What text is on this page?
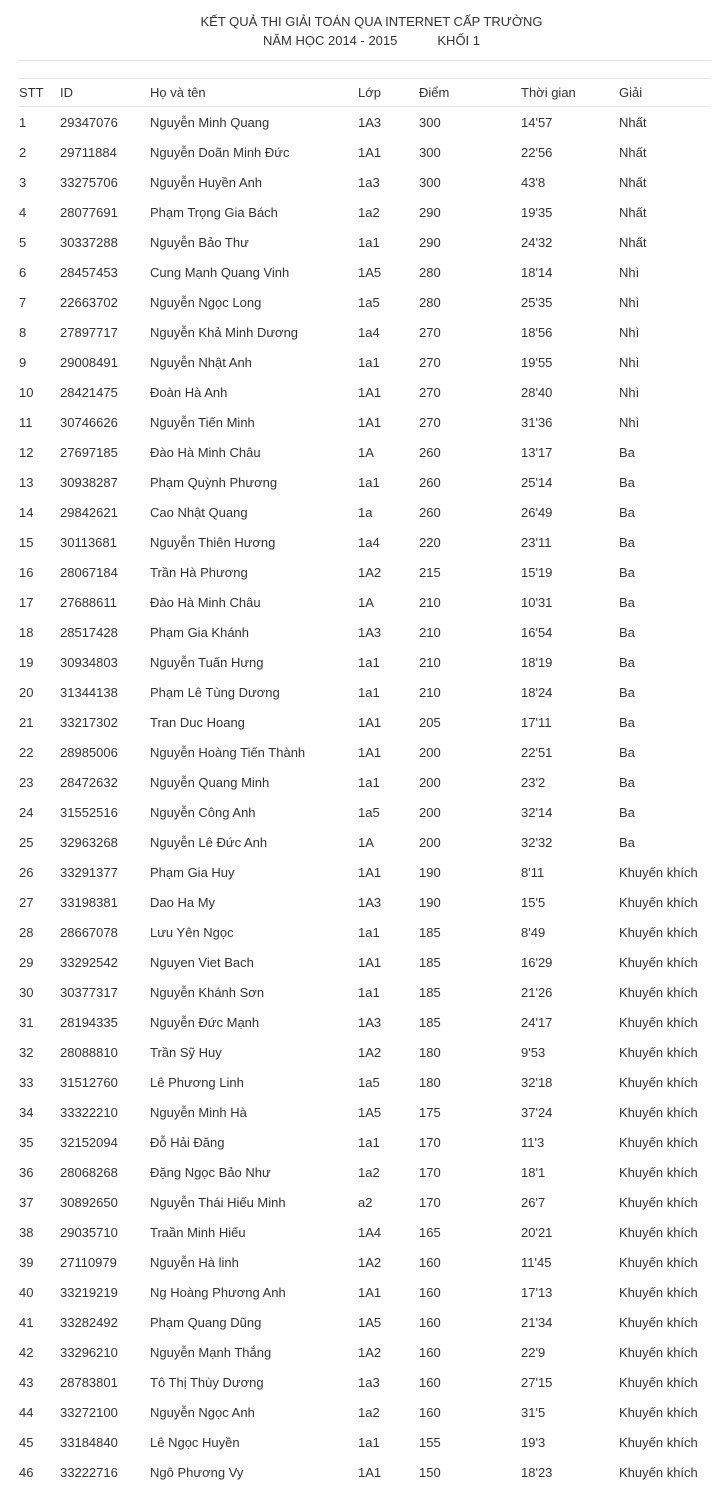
KẾT QUẢ THI GIẢI TOÁN QUA INTERNET CẤP TRƯỜNG
NĂM HỌC 2014 - 2015	KHỐI 1
STT	ID	Họ và tên	Lớp	Điểm	Thời gian	Giải
1	29347076	Nguyễn Minh Quang	1A3	300	14'57	Nhất
2	29711884	Nguyễn Doãn Minh Đức	1A1	300	22'56	Nhất
3	33275706	Nguyễn Huyền Anh	1a3	300	43'8	Nhất
4	28077691	Phạm Trọng Gia Bách	1a2	290	19'35	Nhất
5	30337288	Nguyễn Bảo Thư	1a1	290	24'32	Nhất
6	28457453	Cung Mạnh Quang Vinh	1A5	280	18'14	Nhì
7	22663702	Nguyễn Ngọc Long	1a5	280	25'35	Nhì
8	27897717	Nguyễn Khả Minh Dương	1a4	270	18'56	Nhì
9	29008491	Nguyễn Nhật Anh	1a1	270	19'55	Nhì
10	28421475	Đoàn Hà Anh	1A1	270	28'40	Nhì
11	30746626	Nguyễn Tiến Minh	1A1	270	31'36	Nhì
12	27697185	Đào Hà Minh Châu	1A	260	13'17	Ba
13	30938287	Phạm Quỳnh Phương	1a1	260	25'14	Ba
14	29842621	Cao Nhật Quang	1a	260	26'49	Ba
15	30113681	Nguyễn Thiên Hương	1a4	220	23'11	Ba
16	28067184	Trần Hà Phương	1A2	215	15'19	Ba
17	27688611	Đào Hà Minh Châu	1A	210	10'31	Ba
18	28517428	Phạm Gia Khánh	1A3	210	16'54	Ba
19	30934803	Nguyễn Tuấn Hưng	1a1	210	18'19	Ba
20	31344138	Phạm Lê Tùng Dương	1a1	210	18'24	Ba
21	33217302	Tran Duc Hoang	1A1	205	17'11	Ba
22	28985006	Nguyễn Hoàng Tiến Thành	1A1	200	22'51	Ba
23	28472632	Nguyễn Quang Minh	1a1	200	23'2	Ba
24	31552516	Nguyễn Công Anh	1a5	200	32'14	Ba
25	32963268	Nguyễn Lê Đức Anh	1A	200	32'32	Ba
26	33291377	Phạm Gia Huy	1A1	190	8'11	Khuyến khích
27	33198381	Dao Ha My	1A3	190	15'5	Khuyến khích
28	28667078	Lưu Yên Ngọc	1a1	185	8'49	Khuyến khích
29	33292542	Nguyen Viet Bach	1A1	185	16'29	Khuyến khích
30	30377317	Nguyễn Khánh Sơn	1a1	185	21'26	Khuyến khích
31	28194335	Nguyễn Đức Mạnh	1A3	185	24'17	Khuyến khích
32	28088810	Trần Sỹ Huy	1A2	180	9'53	Khuyến khích
33	31512760	Lê Phương Linh	1a5	180	32'18	Khuyến khích
34	33322210	Nguyễn Minh Hà	1A5	175	37'24	Khuyến khích
35	32152094	Đỗ Hải Đăng	1a1	170	11'3	Khuyến khích
36	28068268	Đặng Ngọc Bảo Như	1a2	170	18'1	Khuyến khích
37	30892650	Nguyễn Thái Hiếu Minh	a2	170	26'7	Khuyến khích
38	29035710	Traần Minh Hiếu	1A4	165	20'21	Khuyến khích
39	27110979	Nguyễn Hà linh	1A2	160	11'45	Khuyến khích
40	33219219	Ng Hoàng Phương Anh	1A1	160	17'13	Khuyến khích
41	33282492	Phạm Quang Dũng	1A5	160	21'34	Khuyến khích
42	33296210	Nguyễn Mạnh Thắng	1A2	160	22'9	Khuyến khích
43	28783801	Tô Thị Thùy Dương	1a3	160	27'15	Khuyến khích
44	33272100	Nguyễn Ngọc Anh	1a2	160	31'5	Khuyến khích
45	33184840	Lê Ngọc Huyền	1a1	155	19'3	Khuyến khích
46	33222716	Ngô Phương Vy	1A1	150	18'23	Khuyến khích
